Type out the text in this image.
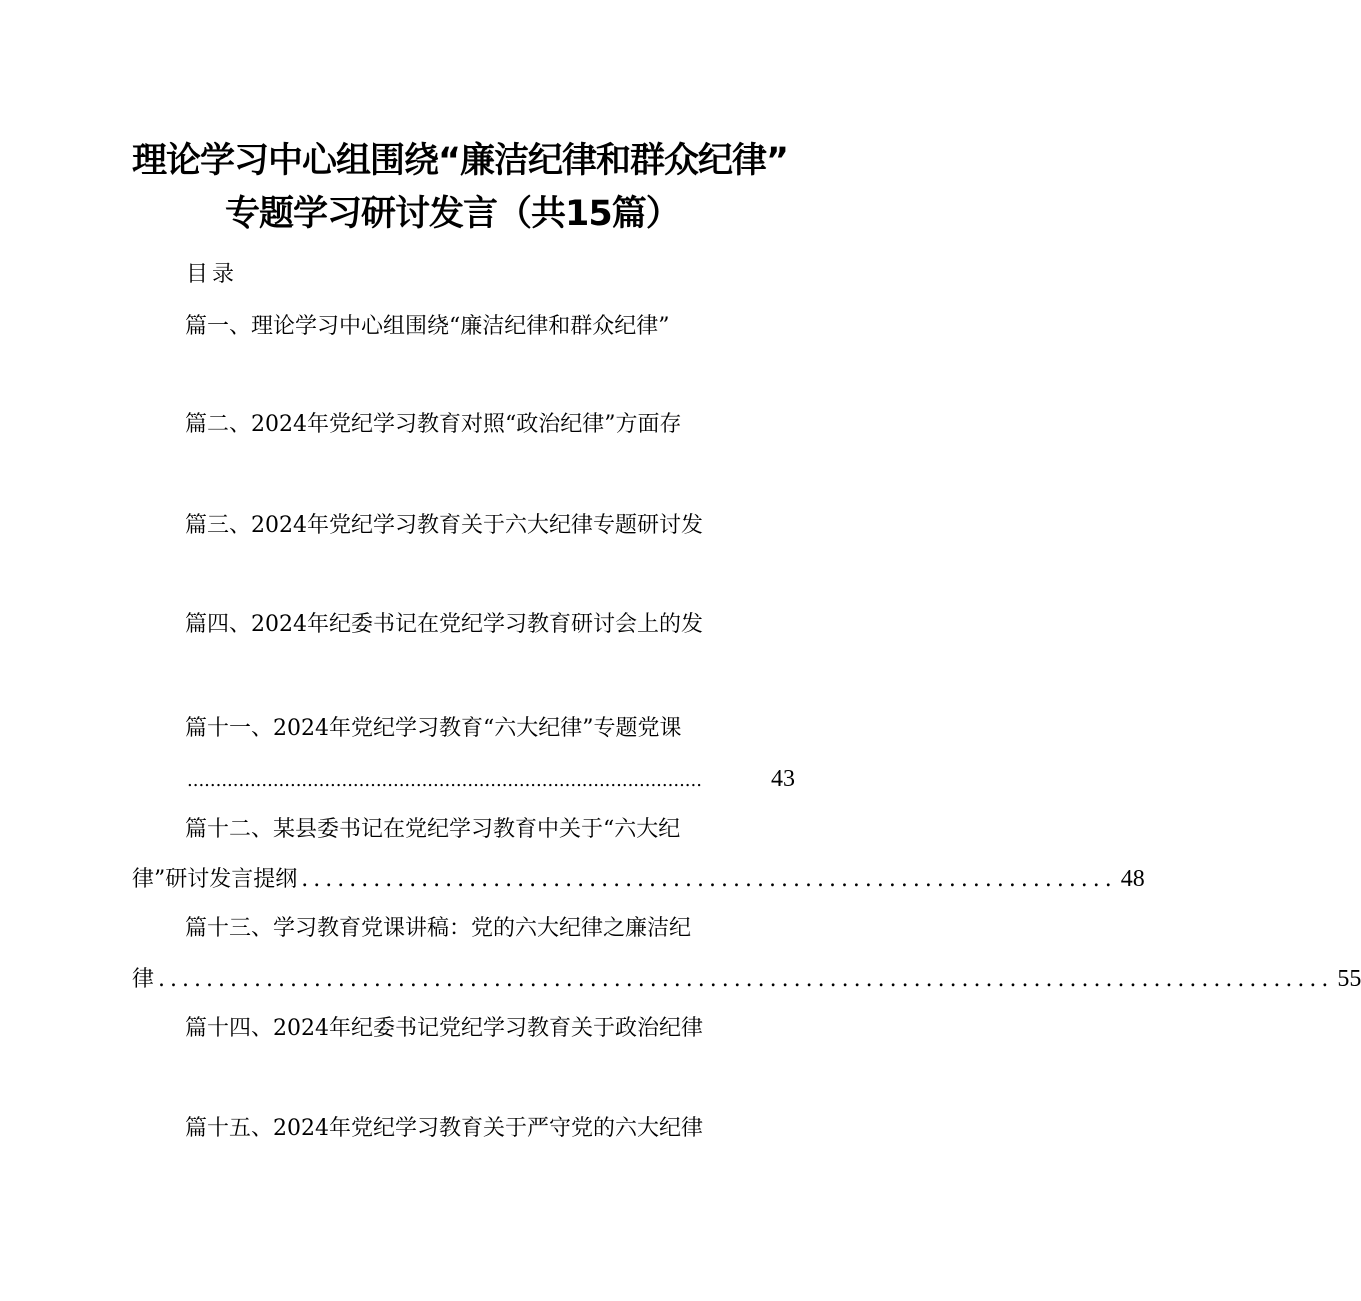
理论学习中心组围绕“廉洁纪律和群众纪律”
专题学习研讨发言（共15篇）
目录
篇一、理论学习中心组围绕“廉洁纪律和群众纪律”
篇二、2024年党纪学习教育对照“政治纪律”方面存
篇三、2024年党纪学习教育关于六大纪律专题研讨发
篇四、2024年纪委书记在党纪学习教育研讨会上的发
篇十一、2024年党纪学习教育“六大纪律”专题党课
..........................................................................................	43
篇十二、某县委书记在党纪学习教育中关于“六大纪
律”研讨发言提纲 .................................................................... 48
篇十三、学习教育党课讲稿：党的六大纪律之廉洁纪
律 .................................................................................................. 55
篇十四、2024年纪委书记党纪学习教育关于政治纪律
篇十五、2024年党纪学习教育关于严守党的六大纪律
